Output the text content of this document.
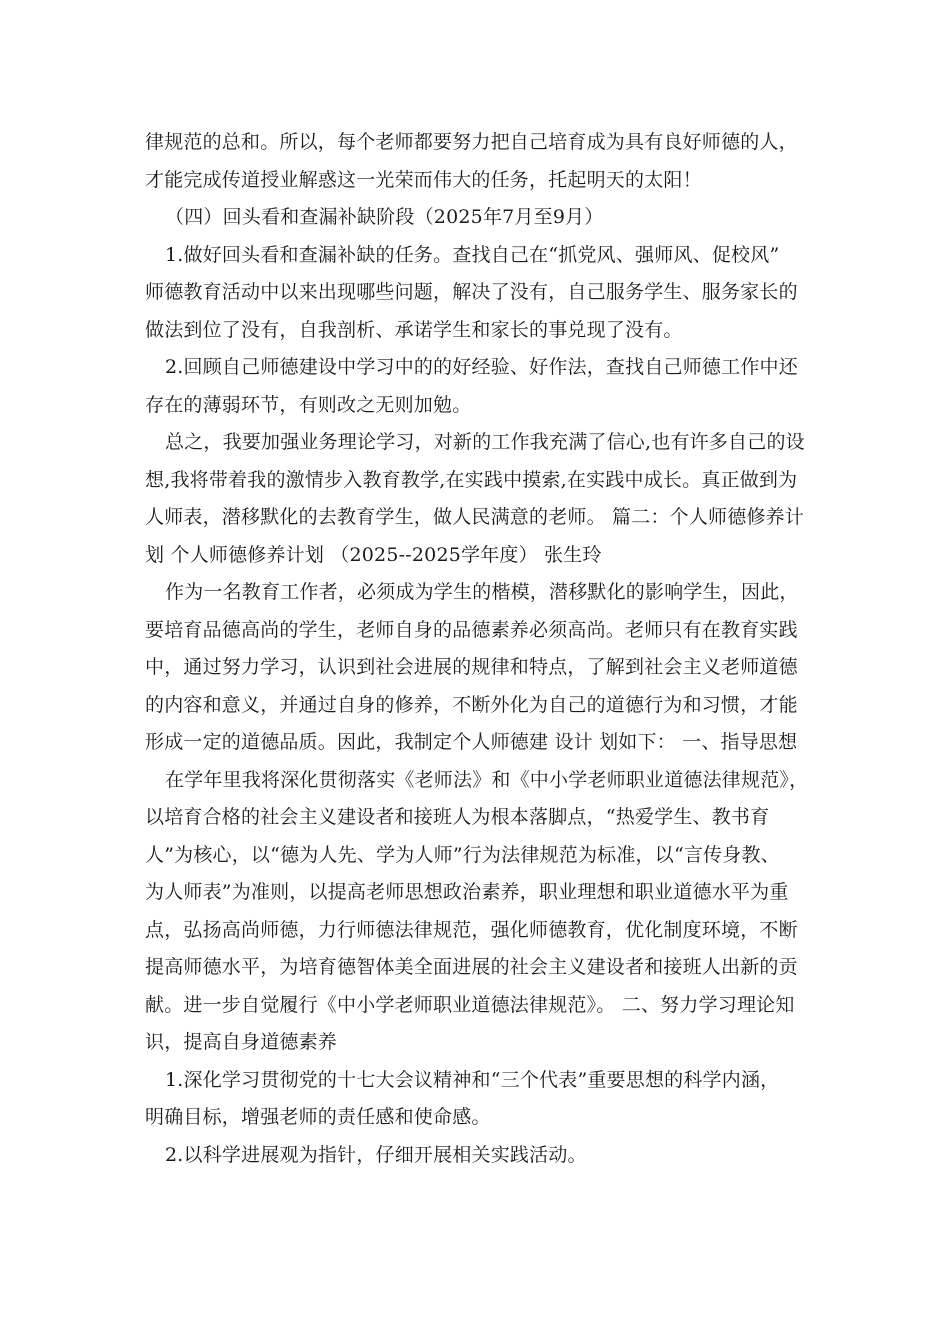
律规范的总和。所以，每个老师都要努力把自己培育成为具有良好师德的人，
才能完成传道授业解惑这一光荣而伟大的任务，托起明天的太阳！
（四）回头看和查漏补缺阶段（2025年7月至9月）
1.做好回头看和查漏补缺的任务。查找自己在“抓党风、强师风、促校风”
师德教育活动中以来出现哪些问题，解决了没有，自己服务学生、服务家长的
做法到位了没有，自我剖析、承诺学生和家长的事兑现了没有。
2.回顾自己师德建设中学习中的的好经验、好作法，查找自己师德工作中还
存在的薄弱环节，有则改之无则加勉。
总之，我要加强业务理论学习，对新的工作我充满了信心,也有许多自己的设
想,我将带着我的激情步入教育教学,在实践中摸索,在实践中成长。真正做到为
人师表，潜移默化的去教育学生，做人民满意的老师。 篇二：个人师德修养计
划 个人师德修养计划 （2025--2025学年度） 张生玲
作为一名教育工作者，必须成为学生的楷模，潜移默化的影响学生，因此，
要培育品德高尚的学生，老师自身的品德素养必须高尚。老师只有在教育实践
中，通过努力学习，认识到社会进展的规律和特点，了解到社会主义老师道德
的内容和意义，并通过自身的修养，不断外化为自己的道德行为和习惯，才能
形成一定的道德品质。因此，我制定个人师德建 设计 划如下： 一、指导思想
在学年里我将深化贯彻落实《老师法》和《中小学老师职业道德法律规范》，
以培育合格的社会主义建设者和接班人为根本落脚点，“热爱学生、教书育
人”为核心，以“德为人先、学为人师”行为法律规范为标准，以“言传身教、
为人师表”为准则，以提高老师思想政治素养，职业理想和职业道德水平为重
点，弘扬高尚师德，力行师德法律规范，强化师德教育，优化制度环境，不断
提高师德水平，为培育德智体美全面进展的社会主义建设者和接班人出新的贡
献。进一步自觉履行《中小学老师职业道德法律规范》。 二、努力学习理论知
识，提高自身道德素养
1.深化学习贯彻党的十七大会议精神和“三个代表”重要思想的科学内涵，
明确目标，增强老师的责任感和使命感。
2.以科学进展观为指针，仔细开展相关实践活动。
